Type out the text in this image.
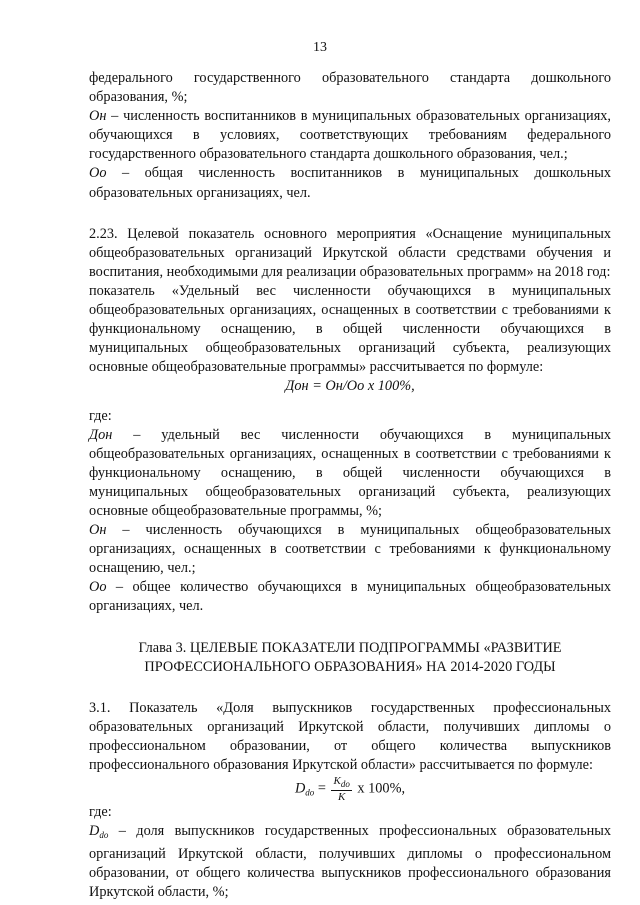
13

федерального государственного образовательного стандарта дошкольного образования, %;

Он – численность воспитанников в муниципальных образовательных организациях, обучающихся в условиях, соответствующих требованиям федерального государственного образовательного стандарта дошкольного образования, чел.;

Оо – общая численность воспитанников в муниципальных дошкольных образовательных организациях, чел.

2.23. Целевой показатель основного мероприятия «Оснащение муниципальных общеобразовательных организаций Иркутской области средствами обучения и воспитания, необходимыми для реализации образовательных программ» на 2018 год:

показатель «Удельный вес численности обучающихся в муниципальных общеобразовательных организациях, оснащенных в соответствии с требованиями к функциональному оснащению, в общей численности обучающихся в муниципальных общеобразовательных организаций субъекта, реализующих основные общеобразовательные программы» рассчитывается по формуле:

Дон = Он/Оо x 100%,

где:

Дон – удельный вес численности обучающихся в муниципальных общеобразовательных организациях, оснащенных в соответствии с требованиями к функциональному оснащению, в общей численности обучающихся в муниципальных общеобразовательных организаций субъекта, реализующих основные общеобразовательные программы, %;

Он – численность обучающихся в муниципальных общеобразовательных организациях, оснащенных в соответствии с требованиями к функциональному оснащению, чел.;

Оо – общее количество обучающихся в муниципальных общеобразовательных организациях, чел.

Глава 3. ЦЕЛЕВЫЕ ПОКАЗАТЕЛИ ПОДПРОГРАММЫ «РАЗВИТИЕ

ПРОФЕССИОНАЛЬНОГО ОБРАЗОВАНИЯ» НА 2014-2020 ГОДЫ

3.1. Показатель «Доля выпускников государственных профессиональных образовательных организаций Иркутской области, получивших дипломы о профессиональном образовании, от общего количества выпускников профессионального образования Иркутской области» рассчитывается по формуле:

$D_{do} = \frac{K_{do}}{K}$ x 100%,

где:

$D_{do}$ – доля выпускников государственных профессиональных образовательных организаций Иркутской области, получивших дипломы о профессиональном образовании, от общего количества выпускников профессионального образования Иркутской области, %;
